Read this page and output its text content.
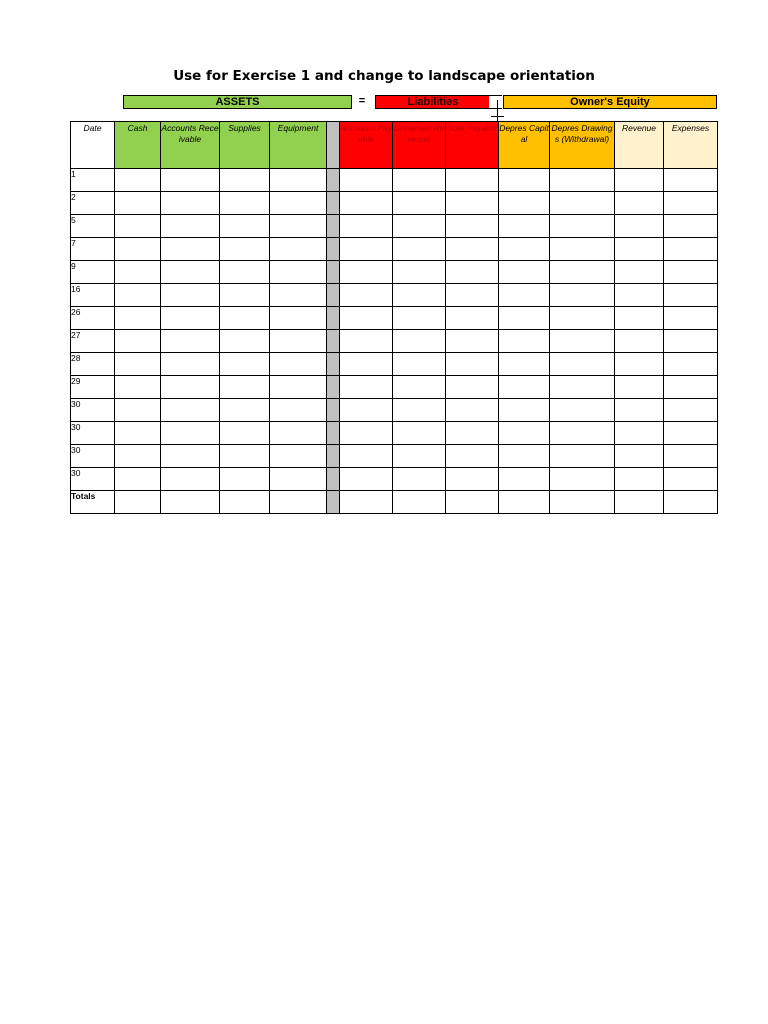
Use for Exercise 1 and change to landscape orientation
ASSETS	=	Liabilities	Owner's Equity
Date	Cash	Accounts Receivable	Supplies	Equipment		Accounts Payable	Unearned Revenue	Note Payable	Depres Capital	Depres Drawings (Withdrawal)	Revenue	Expenses
1												
2												
5												
7												
9												
16												
26												
27												
28												
29												
30												
30												
30												
30												
Totals												
